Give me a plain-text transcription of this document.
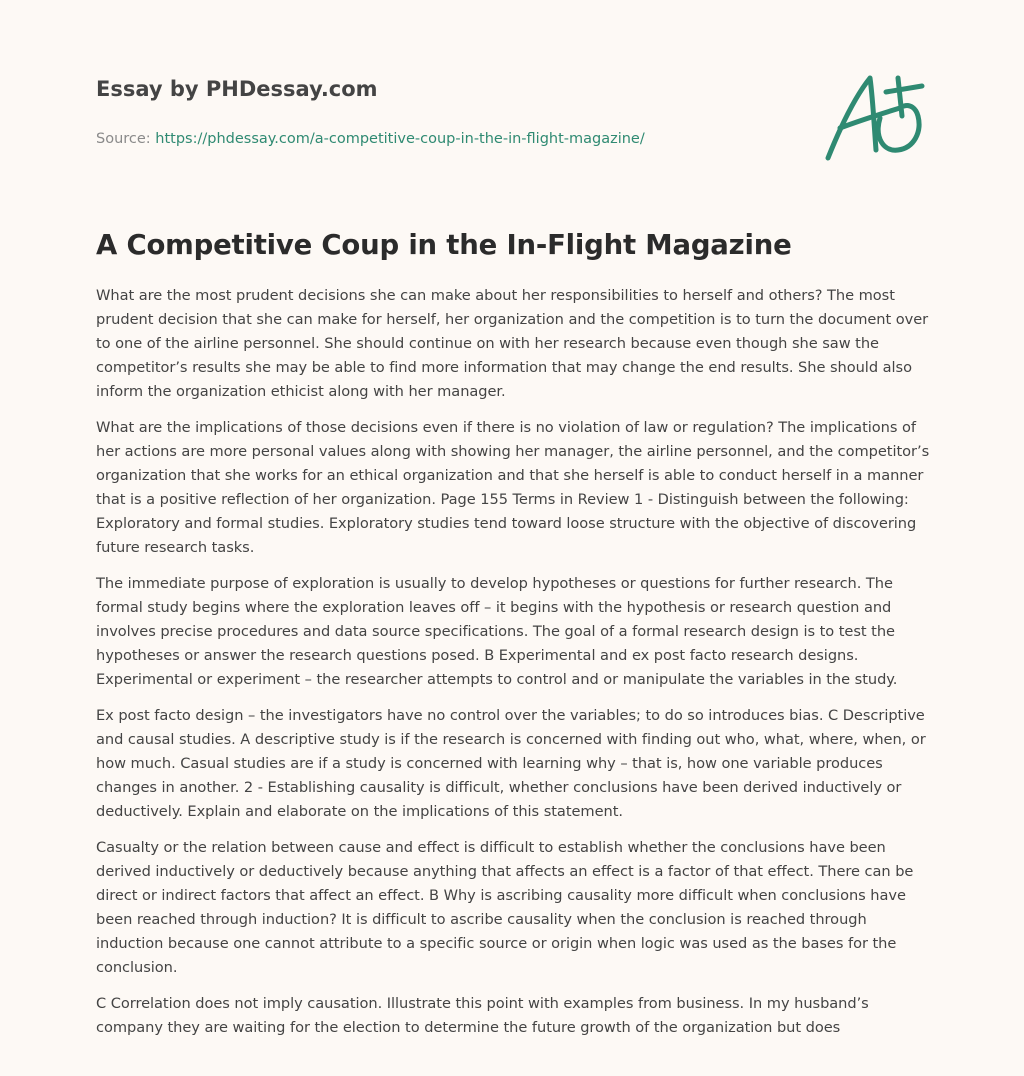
Essay by PHDessay.com
Source: https://phdessay.com/a-competitive-coup-in-the-in-flight-magazine/
A Competitive Coup in the In-Flight Magazine

What are the most prudent decisions she can make about her responsibilities to herself and others? The most prudent decision that she can make for herself, her organization and the competition is to turn the document over to one of the airline personnel. She should continue on with her research because even though she saw the competitor’s results she may be able to find more information that may change the end results. She should also inform the organization ethicist along with her manager.

What are the implications of those decisions even if there is no violation of law or regulation? The implications of her actions are more personal values along with showing her manager, the airline personnel, and the competitor’s organization that she works for an ethical organization and that she herself is able to conduct herself in a manner that is a positive reflection of her organization. Page 155 Terms in Review 1 - Distinguish between the following: Exploratory and formal studies. Exploratory studies tend toward loose structure with the objective of discovering future research tasks.

The immediate purpose of exploration is usually to develop hypotheses or questions for further research. The formal study begins where the exploration leaves off – it begins with the hypothesis or research question and involves precise procedures and data source specifications. The goal of a formal research design is to test the hypotheses or answer the research questions posed. B Experimental and ex post facto research designs. Experimental or experiment – the researcher attempts to control and or manipulate the variables in the study.

Ex post facto design – the investigators have no control over the variables; to do so introduces bias. C Descriptive and causal studies. A descriptive study is if the research is concerned with finding out who, what, where, when, or how much. Casual studies are if a study is concerned with learning why – that is, how one variable produces changes in another. 2 - Establishing causality is difficult, whether conclusions have been derived inductively or deductively. Explain and elaborate on the implications of this statement.

Casualty or the relation between cause and effect is difficult to establish whether the conclusions have been derived inductively or deductively because anything that affects an effect is a factor of that effect. There can be direct or indirect factors that affect an effect. B Why is ascribing causality more difficult when conclusions have been reached through induction? It is difficult to ascribe causality when the conclusion is reached through induction because one cannot attribute to a specific source or origin when logic was used as the bases for the conclusion.

C Correlation does not imply causation. Illustrate this point with examples from business. In my husband’s company they are waiting for the election to determine the future growth of the organization but does
